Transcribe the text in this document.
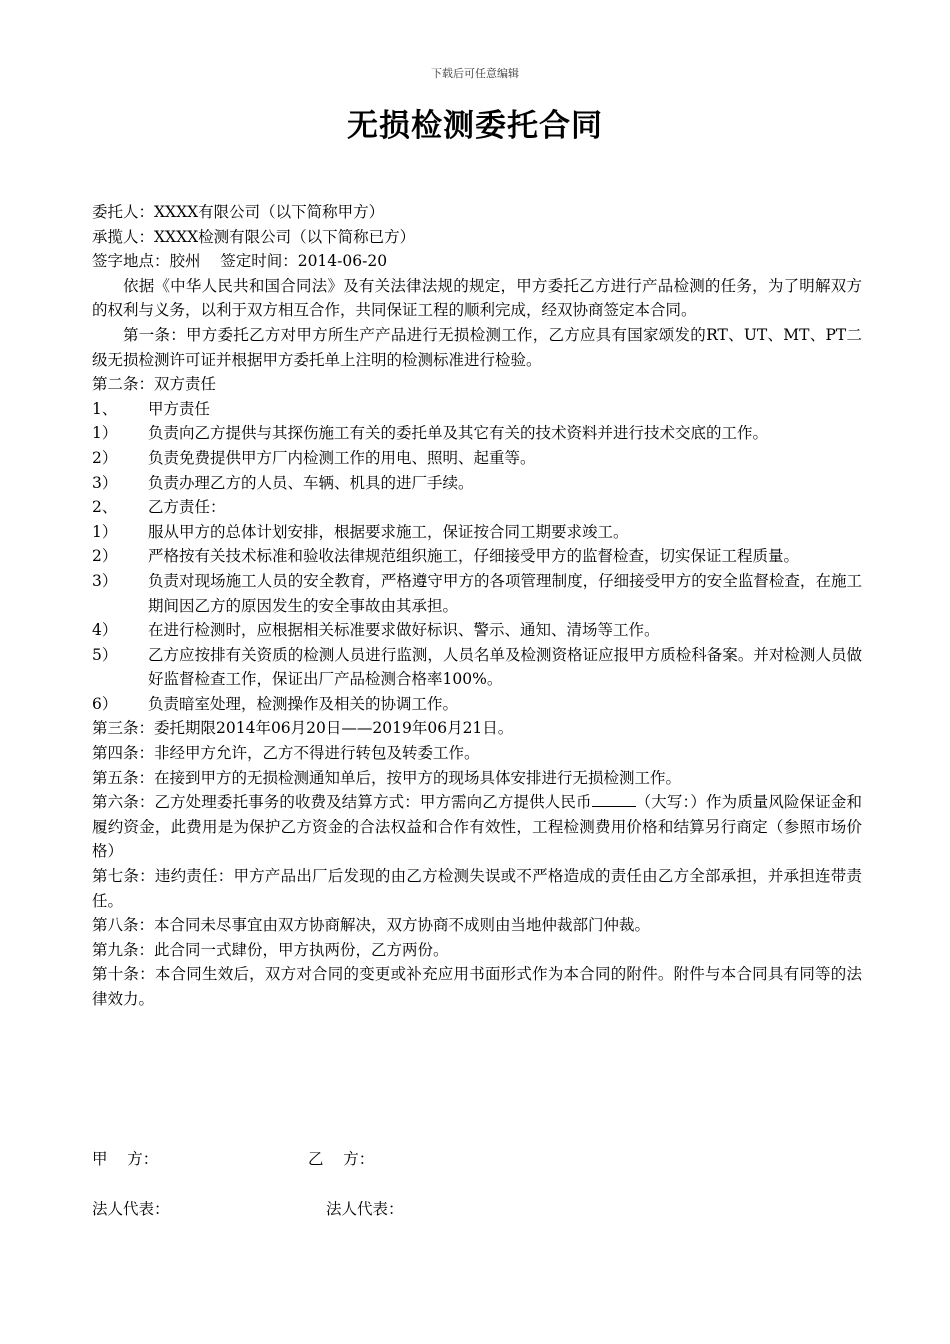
下载后可任意编辑
无损检测委托合同

委托人：XXXX有限公司（以下简称甲方）

承揽人：XXXX检测有限公司（以下简称已方）

签字地点：胶州    签定时间：2014-06-20

依据《中华人民共和国合同法》及有关法律法规的规定，甲方委托乙方进行产品检测的任务，为了明解双方的权利与义务，以利于双方相互合作，共同保证工程的顺利完成，经双协商签定本合同。

第一条：甲方委托乙方对甲方所生产产品进行无损检测工作，乙方应具有国家颂发的RT、UT、MT、PT二级无损检测许可证并根据甲方委托单上注明的检测标准进行检验。

第二条：双方责任

1、	甲方责任
1）	负责向乙方提供与其探伤施工有关的委托单及其它有关的技术资料并进行技术交底的工作。
2）	负责免费提供甲方厂内检测工作的用电、照明、起重等。
3）	负责办理乙方的人员、车辆、机具的进厂手续。
2、	乙方责任：
1）	服从甲方的总体计划安排，根据要求施工，保证按合同工期要求竣工。
2）	严格按有关技术标准和验收法律规范组织施工，仔细接受甲方的监督检查，切实保证工程质量。
3）	负责对现场施工人员的安全教育，严格遵守甲方的各项管理制度，仔细接受甲方的安全监督检查，在施工期间因乙方的原因发生的安全事故由其承担。
4）	在进行检测时，应根据相关标准要求做好标识、警示、通知、清场等工作。
5）	乙方应按排有关资质的检测人员进行监测，人员名单及检测资格证应报甲方质检科备案。并对检测人员做好监督检查工作，保证出厂产品检测合格率100%。
6）	负责暗室处理，检测操作及相关的协调工作。

第三条：委托期限2014年06月20日——2019年06月21日。

第四条：非经甲方允许，乙方不得进行转包及转委工作。

第五条：在接到甲方的无损检测通知单后，按甲方的现场具体安排进行无损检测工作。

第六条：乙方处理委托事务的收费及结算方式：甲方需向乙方提供人民币	（大写：）作为质量风险保证金和履约资金，此费用是为保护乙方资金的合法权益和合作有效性，工程检测费用价格和结算另行商定（参照市场价格）

第七条：违约责任：甲方产品出厂后发现的由乙方检测失误或不严格造成的责任由乙方全部承担，并承担连带责任。

第八条：本合同未尽事宜由双方协商解决，双方协商不成则由当地仲裁部门仲裁。

第九条：此合同一式肆份，甲方执两份，乙方两份。

第十条：本合同生效后，双方对合同的变更或补充应用书面形式作为本合同的附件。附件与本合同具有同等的法律效力。

甲    方：	乙    方：
法人代表：	法人代表：
